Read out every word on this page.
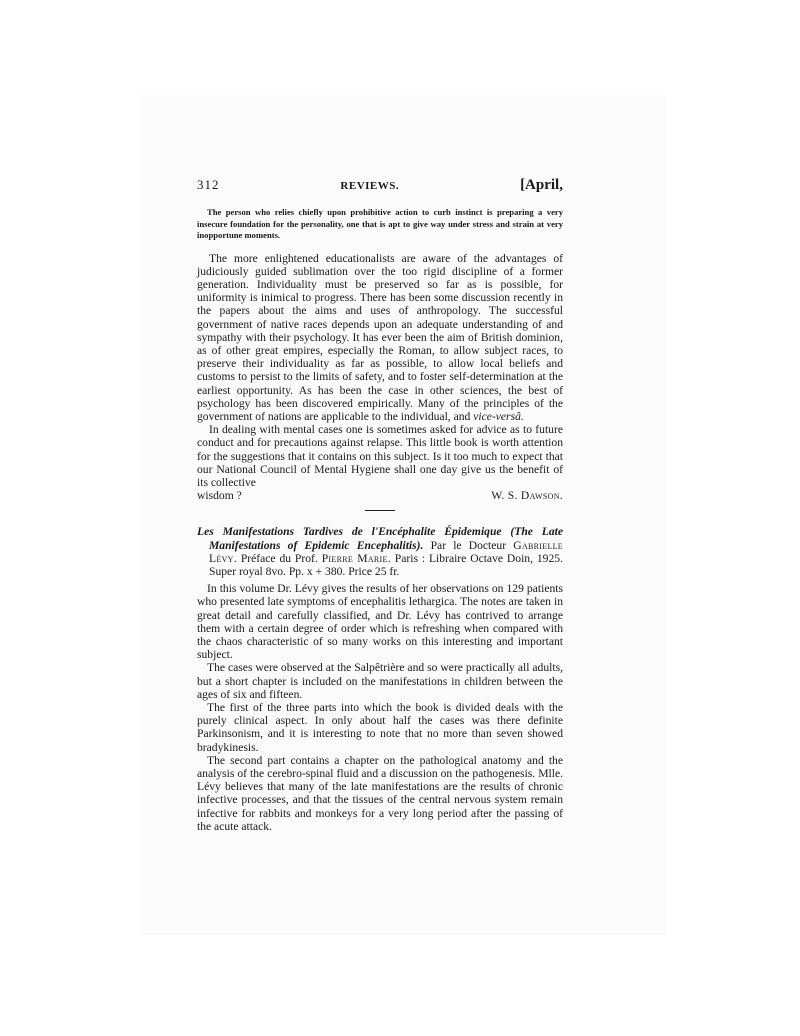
312	REVIEWS.	[April,

The person who relies chiefly upon prohibitive action to curb instinct is preparing a very insecure foundation for the personality, one that is apt to give way under stress and strain at very inopportune moments.

The more enlightened educationalists are aware of the advantages of judiciously guided sublimation over the too rigid discipline of a former generation. Individuality must be preserved so far as is possible, for uniformity is inimical to progress. There has been some discussion recently in the papers about the aims and uses of anthropology. The successful government of native races depends upon an adequate understanding of and sympathy with their psychology. It has ever been the aim of British dominion, as of other great empires, especially the Roman, to allow subject races, to preserve their individuality as far as possible, to allow local beliefs and customs to persist to the limits of safety, and to foster self-determination at the earliest opportunity. As has been the case in other sciences, the best of psychology has been discovered empirically. Many of the principles of the government of nations are applicable to the individual, and vice-versâ.

In dealing with mental cases one is sometimes asked for advice as to future conduct and for precautions against relapse. This little book is worth attention for the suggestions that it contains on this subject. Is it too much to expect that our National Council of Mental Hygiene shall one day give us the benefit of its collective

wisdom ?	W. S. Dawson.

Les Manifestations Tardives de l'Encéphalite Épidemique (The Late Manifestations of Epidemic Encephalitis). Par le Docteur Gabrielle Lévy. Préface du Prof. Pierre Marie. Paris : Libraire Octave Doin, 1925. Super royal 8vo. Pp. x + 380. Price 25 fr.

In this volume Dr. Lévy gives the results of her observations on 129 patients who presented late symptoms of encephalitis lethargica. The notes are taken in great detail and carefully classified, and Dr. Lévy has contrived to arrange them with a certain degree of order which is refreshing when compared with the chaos characteristic of so many works on this interesting and important subject.

The cases were observed at the Salpêtrière and so were practically all adults, but a short chapter is included on the manifestations in children between the ages of six and fifteen.

The first of the three parts into which the book is divided deals with the purely clinical aspect. In only about half the cases was there definite Parkinsonism, and it is interesting to note that no more than seven showed bradykinesis.

The second part contains a chapter on the pathological anatomy and the analysis of the cerebro-spinal fluid and a discussion on the pathogenesis. Mlle. Lévy believes that many of the late manifestations are the results of chronic infective processes, and that the tissues of the central nervous system remain infective for rabbits and monkeys for a very long period after the passing of the acute attack.
